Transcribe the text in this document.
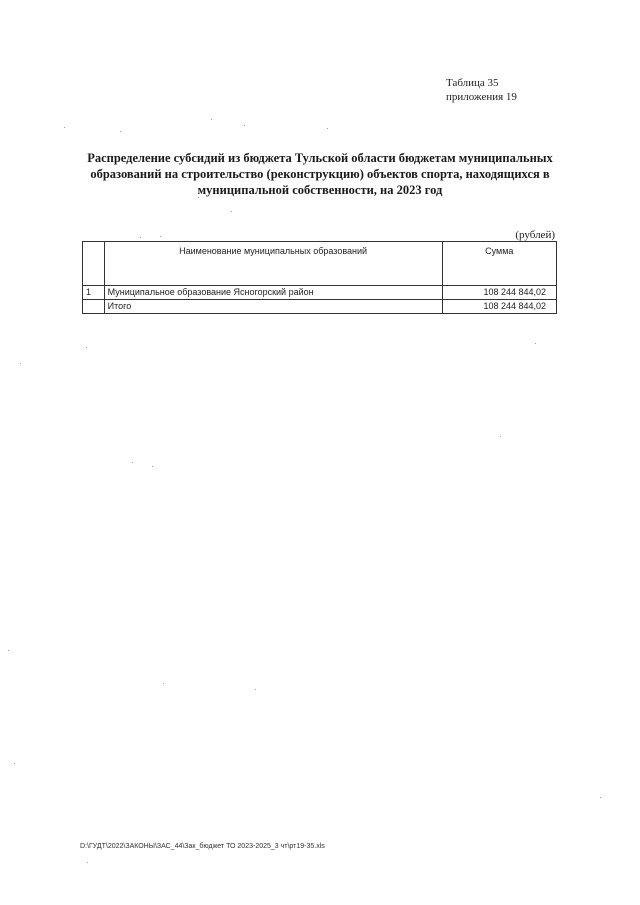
Таблица 35
приложения 19
Распределение субсидий из бюджета Тульской области бюджетам муниципальных
образований на строительство (реконструкцию) объектов спорта, находящихся в
муниципальной собственности, на 2023 год
(рублей)
	Наименование муниципальных образований	Сумма
1	Муниципальное образование Ясногорский район	108 244 844,02
	Итого	108 244 844,02
D:\ГУДТ\2022\ЗАКОНЫ\ЗАС_44\Зак_бюджет ТО 2023-2025_3 чт\рт19-35.xls
